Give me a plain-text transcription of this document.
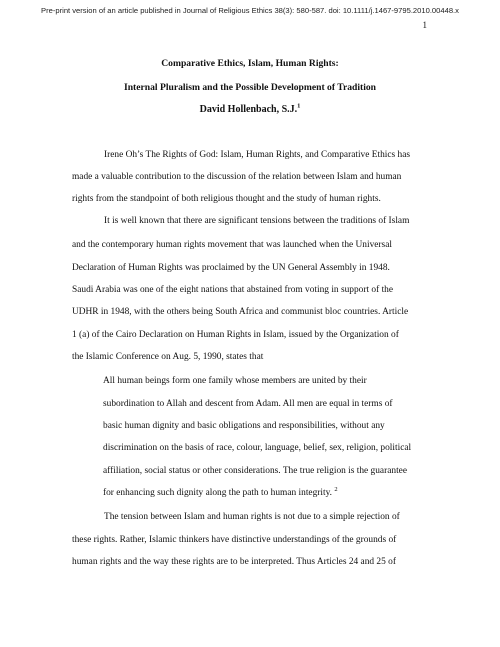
Pre-print version of an article published in Journal of Religious Ethics 38(3): 580-587. doi: 10.1111/j.1467-9795.2010.00448.x
1
Comparative Ethics, Islam, Human Rights:
Internal Pluralism and the Possible Development of Tradition
David Hollenbach, S.J.$^1$
Irene Oh’s The Rights of God: Islam, Human Rights, and Comparative Ethics has
made a valuable contribution to the discussion of the relation between Islam and human
rights from the standpoint of both religious thought and the study of human rights.
It is well known that there are significant tensions between the traditions of Islam
and the contemporary human rights movement that was launched when the Universal
Declaration of Human Rights was proclaimed by the UN General Assembly in 1948.
Saudi Arabia was one of the eight nations that abstained from voting in support of the
UDHR in 1948, with the others being South Africa and communist bloc countries. Article
1 (a) of the Cairo Declaration on Human Rights in Islam, issued by the Organization of
the Islamic Conference on Aug. 5, 1990, states that
All human beings form one family whose members are united by their
subordination to Allah and descent from Adam. All men are equal in terms of
basic human dignity and basic obligations and responsibilities, without any
discrimination on the basis of race, colour, language, belief, sex, religion, political
affiliation, social status or other considerations. The true religion is the guarantee
for enhancing such dignity along the path to human integrity. $^2$
The tension between Islam and human rights is not due to a simple rejection of
these rights. Rather, Islamic thinkers have distinctive understandings of the grounds of
human rights and the way these rights are to be interpreted. Thus Articles 24 and 25 of
